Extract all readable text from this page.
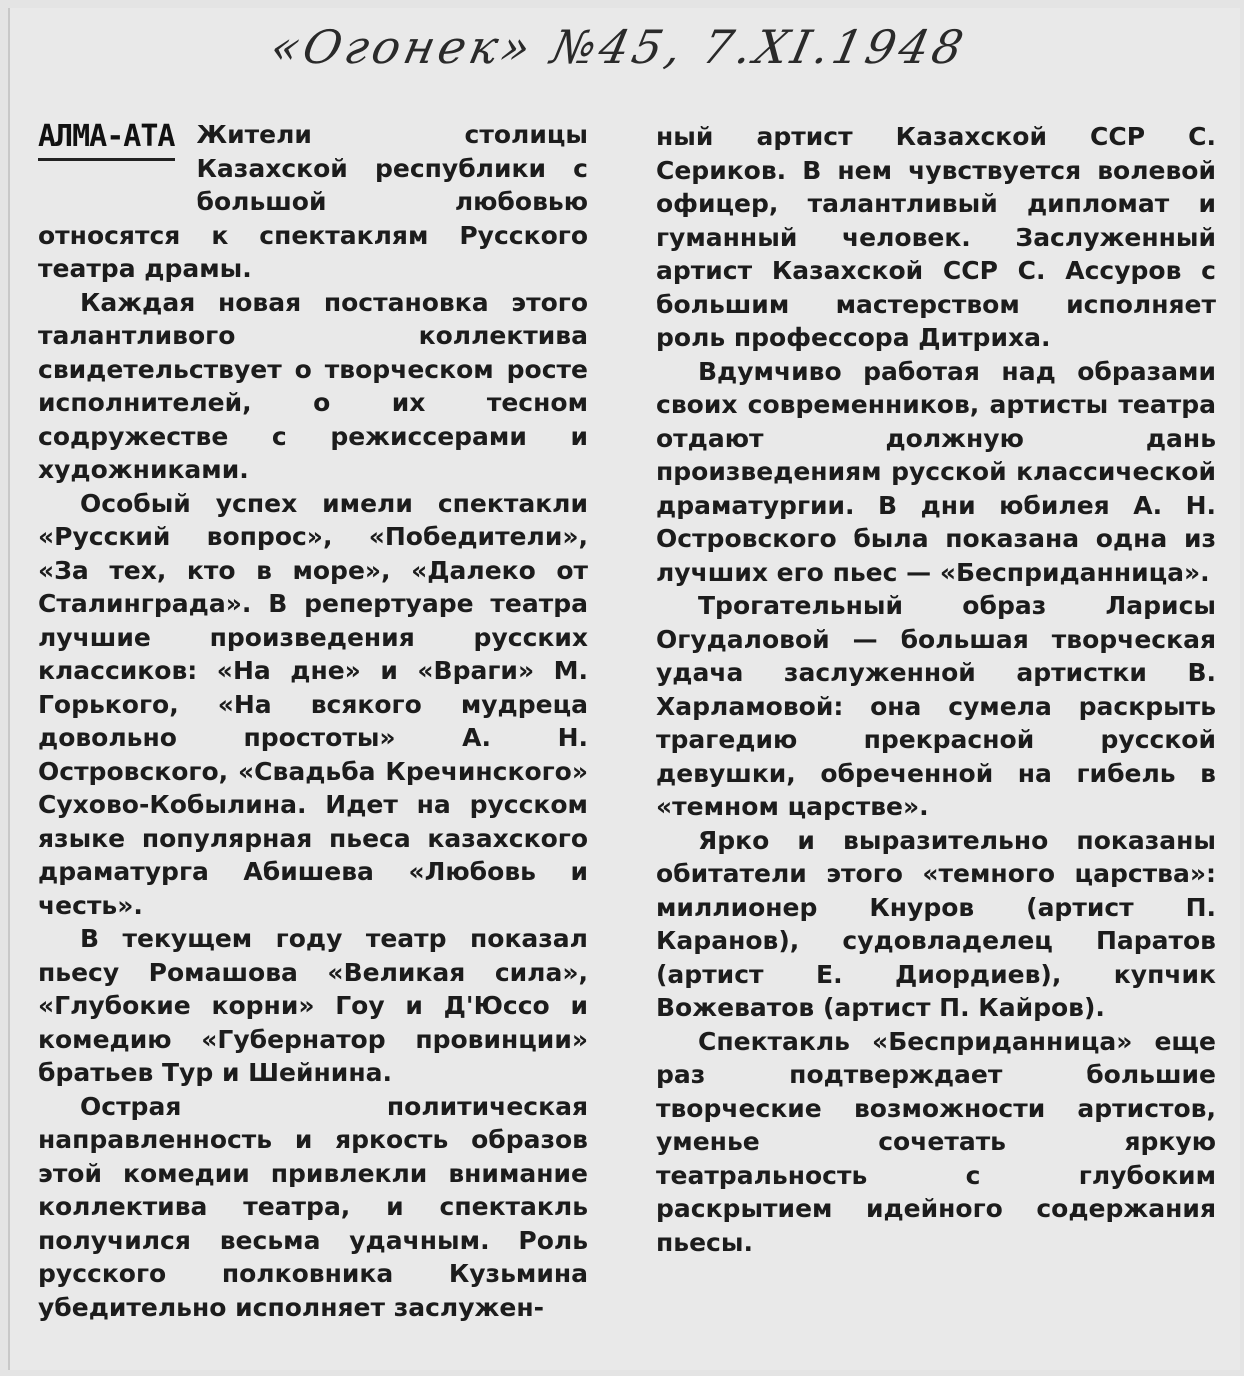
«Огонек» №45, 7.XI.1948
АЛМА-АТА Жители столицы Казахской республики с большой любовью относятся к спектаклям Русского театра драмы.

Каждая новая постановка этого талантливого коллектива свидетельствует о творческом росте исполнителей, о их тесном содружестве с режиссерами и художниками.

Особый успех имели спектакли «Русский вопрос», «Победители», «За тех, кто в море», «Далеко от Сталинграда». В репертуаре театра лучшие произведения русских классиков: «На дне» и «Враги» М. Горького, «На всякого мудреца довольно простоты» А. Н. Островского, «Свадьба Кречинского» Сухово-Кобылина. Идет на русском языке популярная пьеса казахского драматурга Абишева «Любовь и честь».

В текущем году театр показал пьесу Ромашова «Великая сила», «Глубокие корни» Гоу и Д'Юссо и комедию «Губернатор провинции» братьев Тур и Шейнина.

Острая политическая направленность и яркость образов этой комедии привлекли внимание коллектива театра, и спектакль получился весьма удачным. Роль русского полковника Кузьмина убедительно исполняет заслужен-

ный артист Казахской ССР С. Сериков. В нем чувствуется волевой офицер, талантливый дипломат и гуманный человек. Заслуженный артист Казахской ССР С. Ассуров с большим мастерством исполняет роль профессора Дитриха.

Вдумчиво работая над образами своих современников, артисты театра отдают должную дань произведениям русской классической драматургии. В дни юбилея А. Н. Островского была показана одна из лучших его пьес — «Бесприданница».

Трогательный образ Ларисы Огудаловой — большая творческая удача заслуженной артистки В. Харламовой: она сумела раскрыть трагедию прекрасной русской девушки, обреченной на гибель в «темном царстве».

Ярко и выразительно показаны обитатели этого «темного царства»: миллионер Кнуров (артист П. Каранов), судовладелец Паратов (артист Е. Диордиев), купчик Вожеватов (артист П. Кайров).

Спектакль «Бесприданница» еще раз подтверждает большие творческие возможности артистов, уменье сочетать яркую театральность с глубоким раскрытием идейного содержания пьесы.
